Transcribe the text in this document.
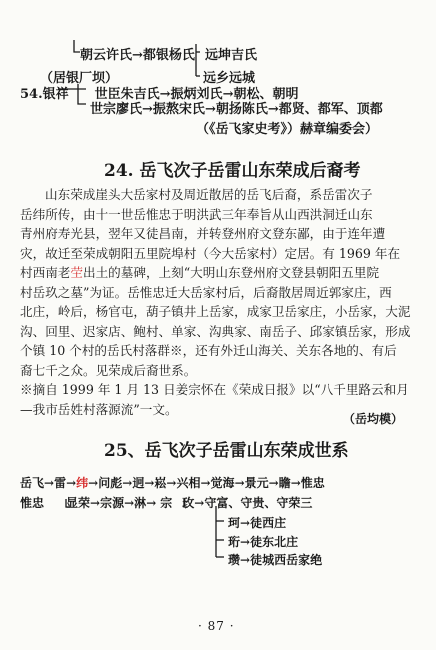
朝云许氏→都银杨氏 远坤吉氏
（居银厂坝）	远乡远城
54.银祥 世臣朱吉氏→振炳刘氏→朝松、朝明
世宗廖氏→振熬宋氏→朝扬陈氏→都贤、都军、顶都
（《岳飞家史考》）赫章编委会）
24. 岳飞次子岳雷山东荣成后裔考
山东荣成崖头大岳家村及周近散居的岳飞后裔，系岳雷次子
岳纬所传，由十一世岳惟忠于明洪武三年奉旨从山西洪洞迁山东
青州府寿光县，翌年又徒昌南，并转登州府文登东鄙，由于连年遭
灾，故迁至荣成朝阳五里院埠村（今大岳家村）定居。有 1969 年在
村西南老茔出土的墓碑，上刻“大明山东登州府文登县朝阳五里院
村岳玖之墓”为证。岳惟忠迁大岳家村后，后裔散居周近郭家庄，西
北庄，岭后，杨官屯，葫子镇井上岳家，成家卫岳家庄，小岳家，大泥
沟、回里、迟家店、鲍村、单家、沟典家、南岳子、邱家镇岳家，形成
个镇 10 个村的岳氏村落群※，还有外迁山海关、关东各地的、有后
裔七千之众。见荣成后裔世系。
※摘自 1999 年 1 月 13 日姜宗怀在《荣成日报》以“八千里路云和月
—我市岳姓村落源流”一文。
（岳均模）
25、岳飞次子岳雷山东荣成世系
岳飞→雷→纬→问彪→迥→崧→兴相→觉海→景元→瞻→惟忠
惟忠 显荣→宗源→淋→ 宗 玫→守富、守贵、守荣三
珂→徒西庄
珩→徒东北庄
瓒→徒城西岳家绝
· 87 ·
